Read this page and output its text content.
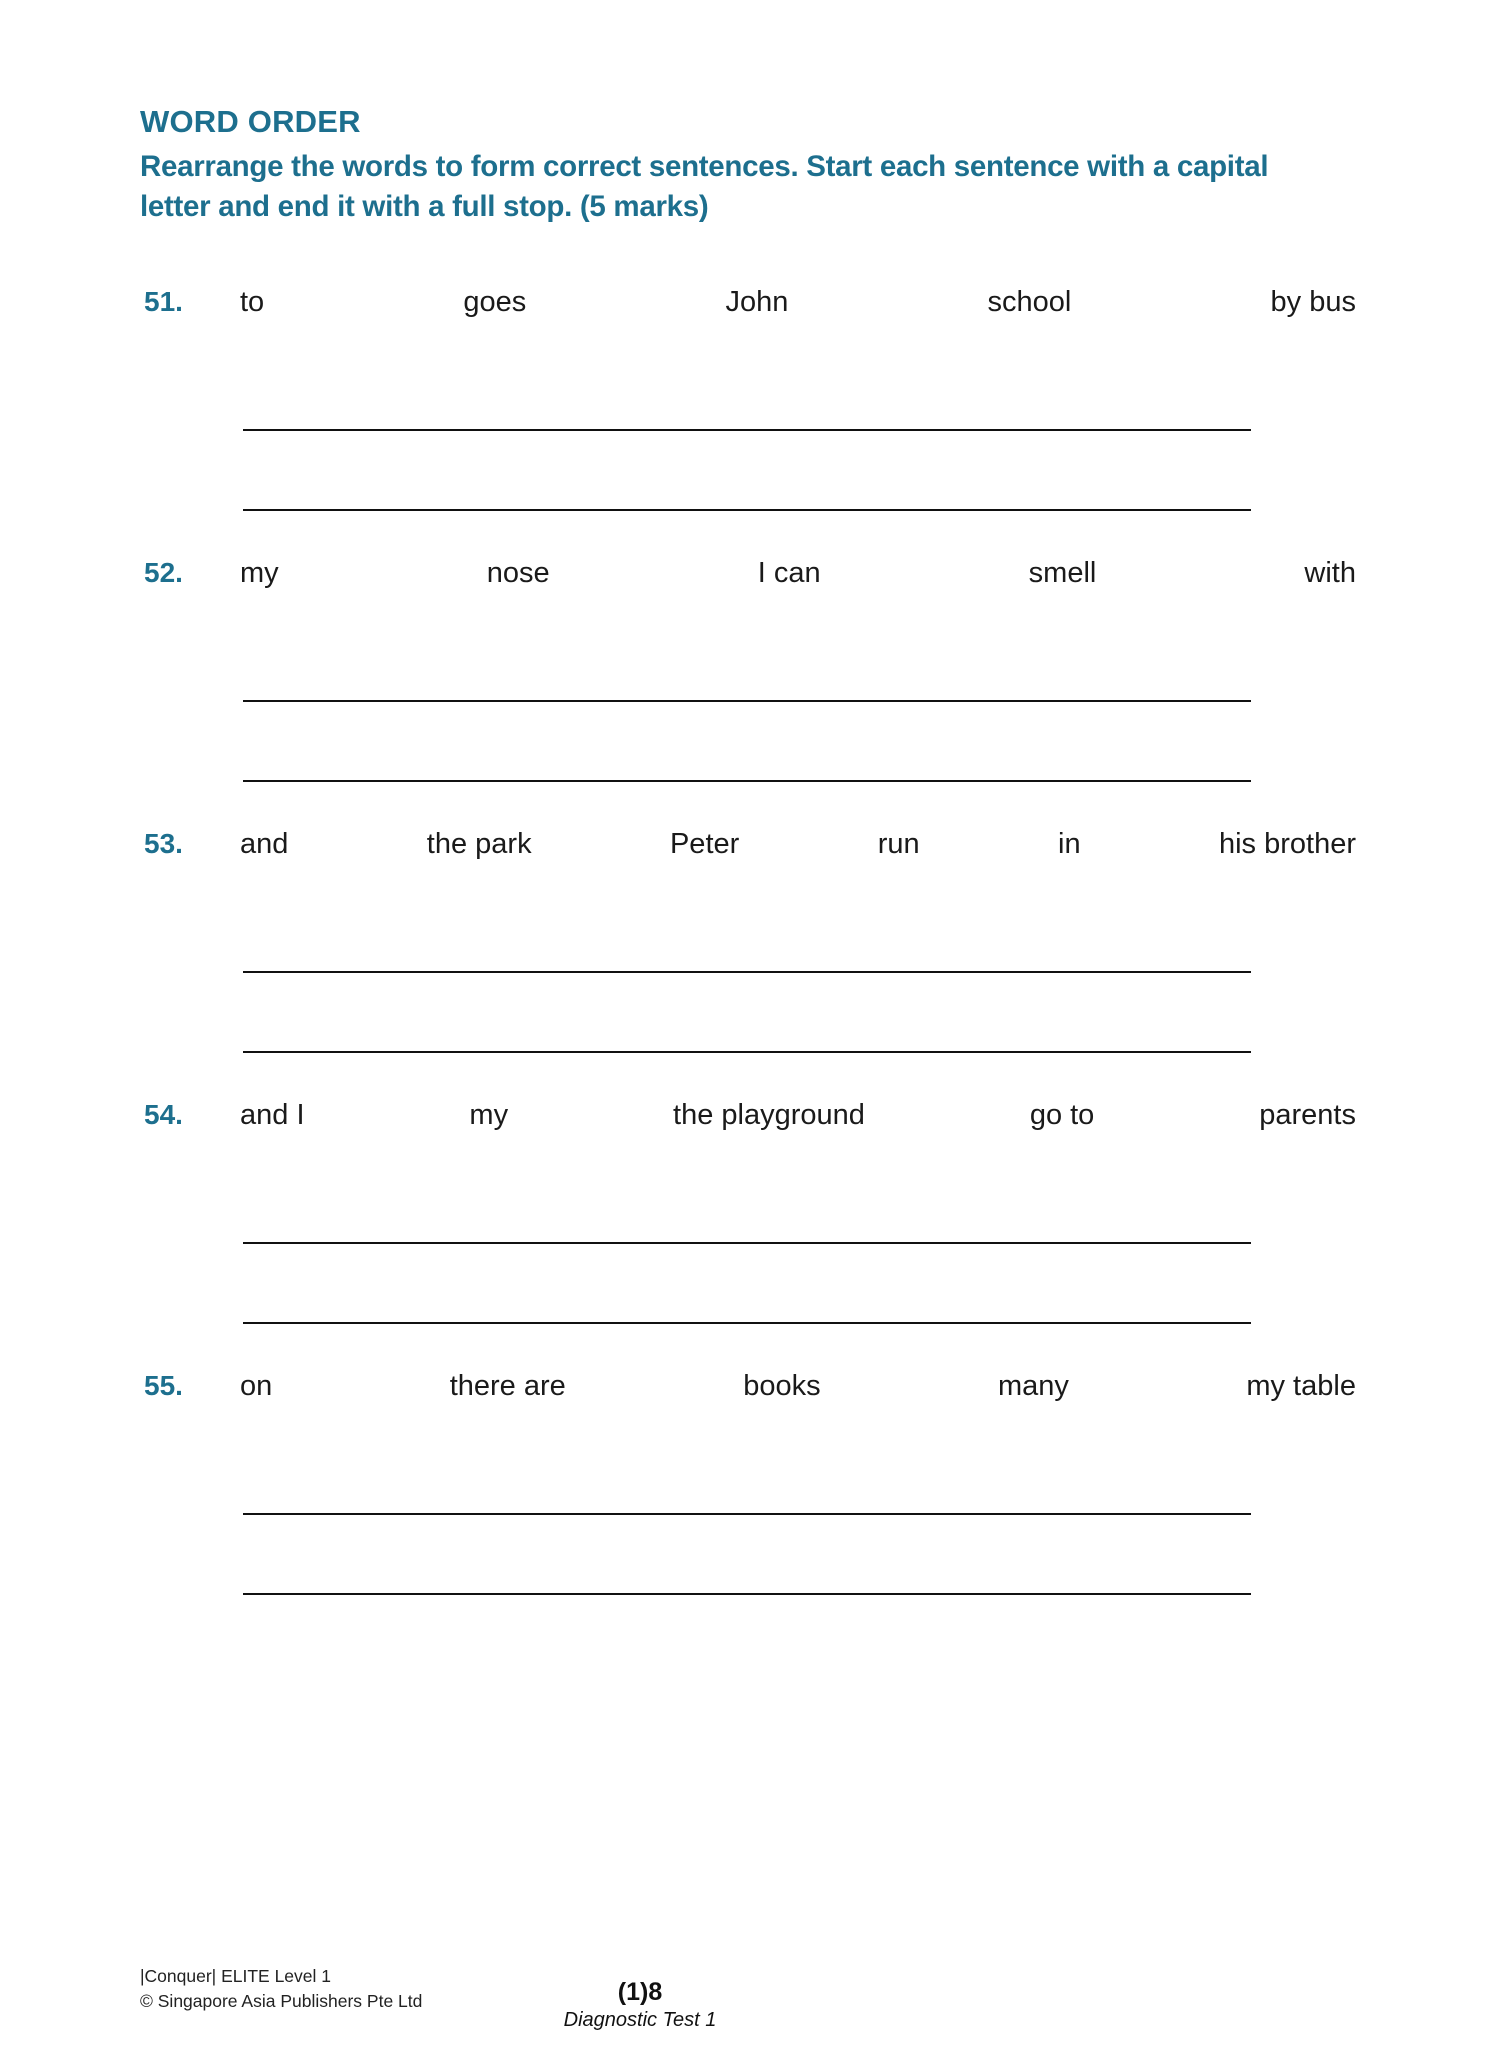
WORD ORDER

Rearrange the words to form correct sentences. Start each sentence with a capital letter and end it with a full stop. (5 marks)

51.	to	goes	John	school	by bus
52.	my	nose	I can	smell	with
53.	and	the park	Peter	run	in	his brother
54.	and I	my	the playground	go to	parents
55.	on	there are	books	many	my table
|Conquer| ELITE Level 1
© Singapore Asia Publishers Pte Ltd	(1)8
Diagnostic Test 1
